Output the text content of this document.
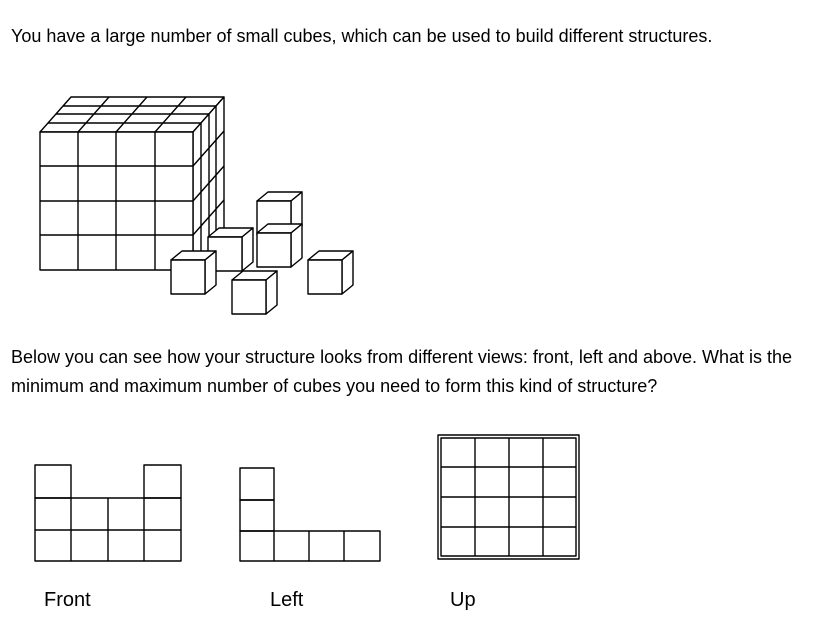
You have a large number of small cubes, which can be used to build different structures.

Below you can see how your structure looks from different views: front, left and above. What is the minimum and maximum number of cubes you need to form this kind of structure?

Front	Left	Up
